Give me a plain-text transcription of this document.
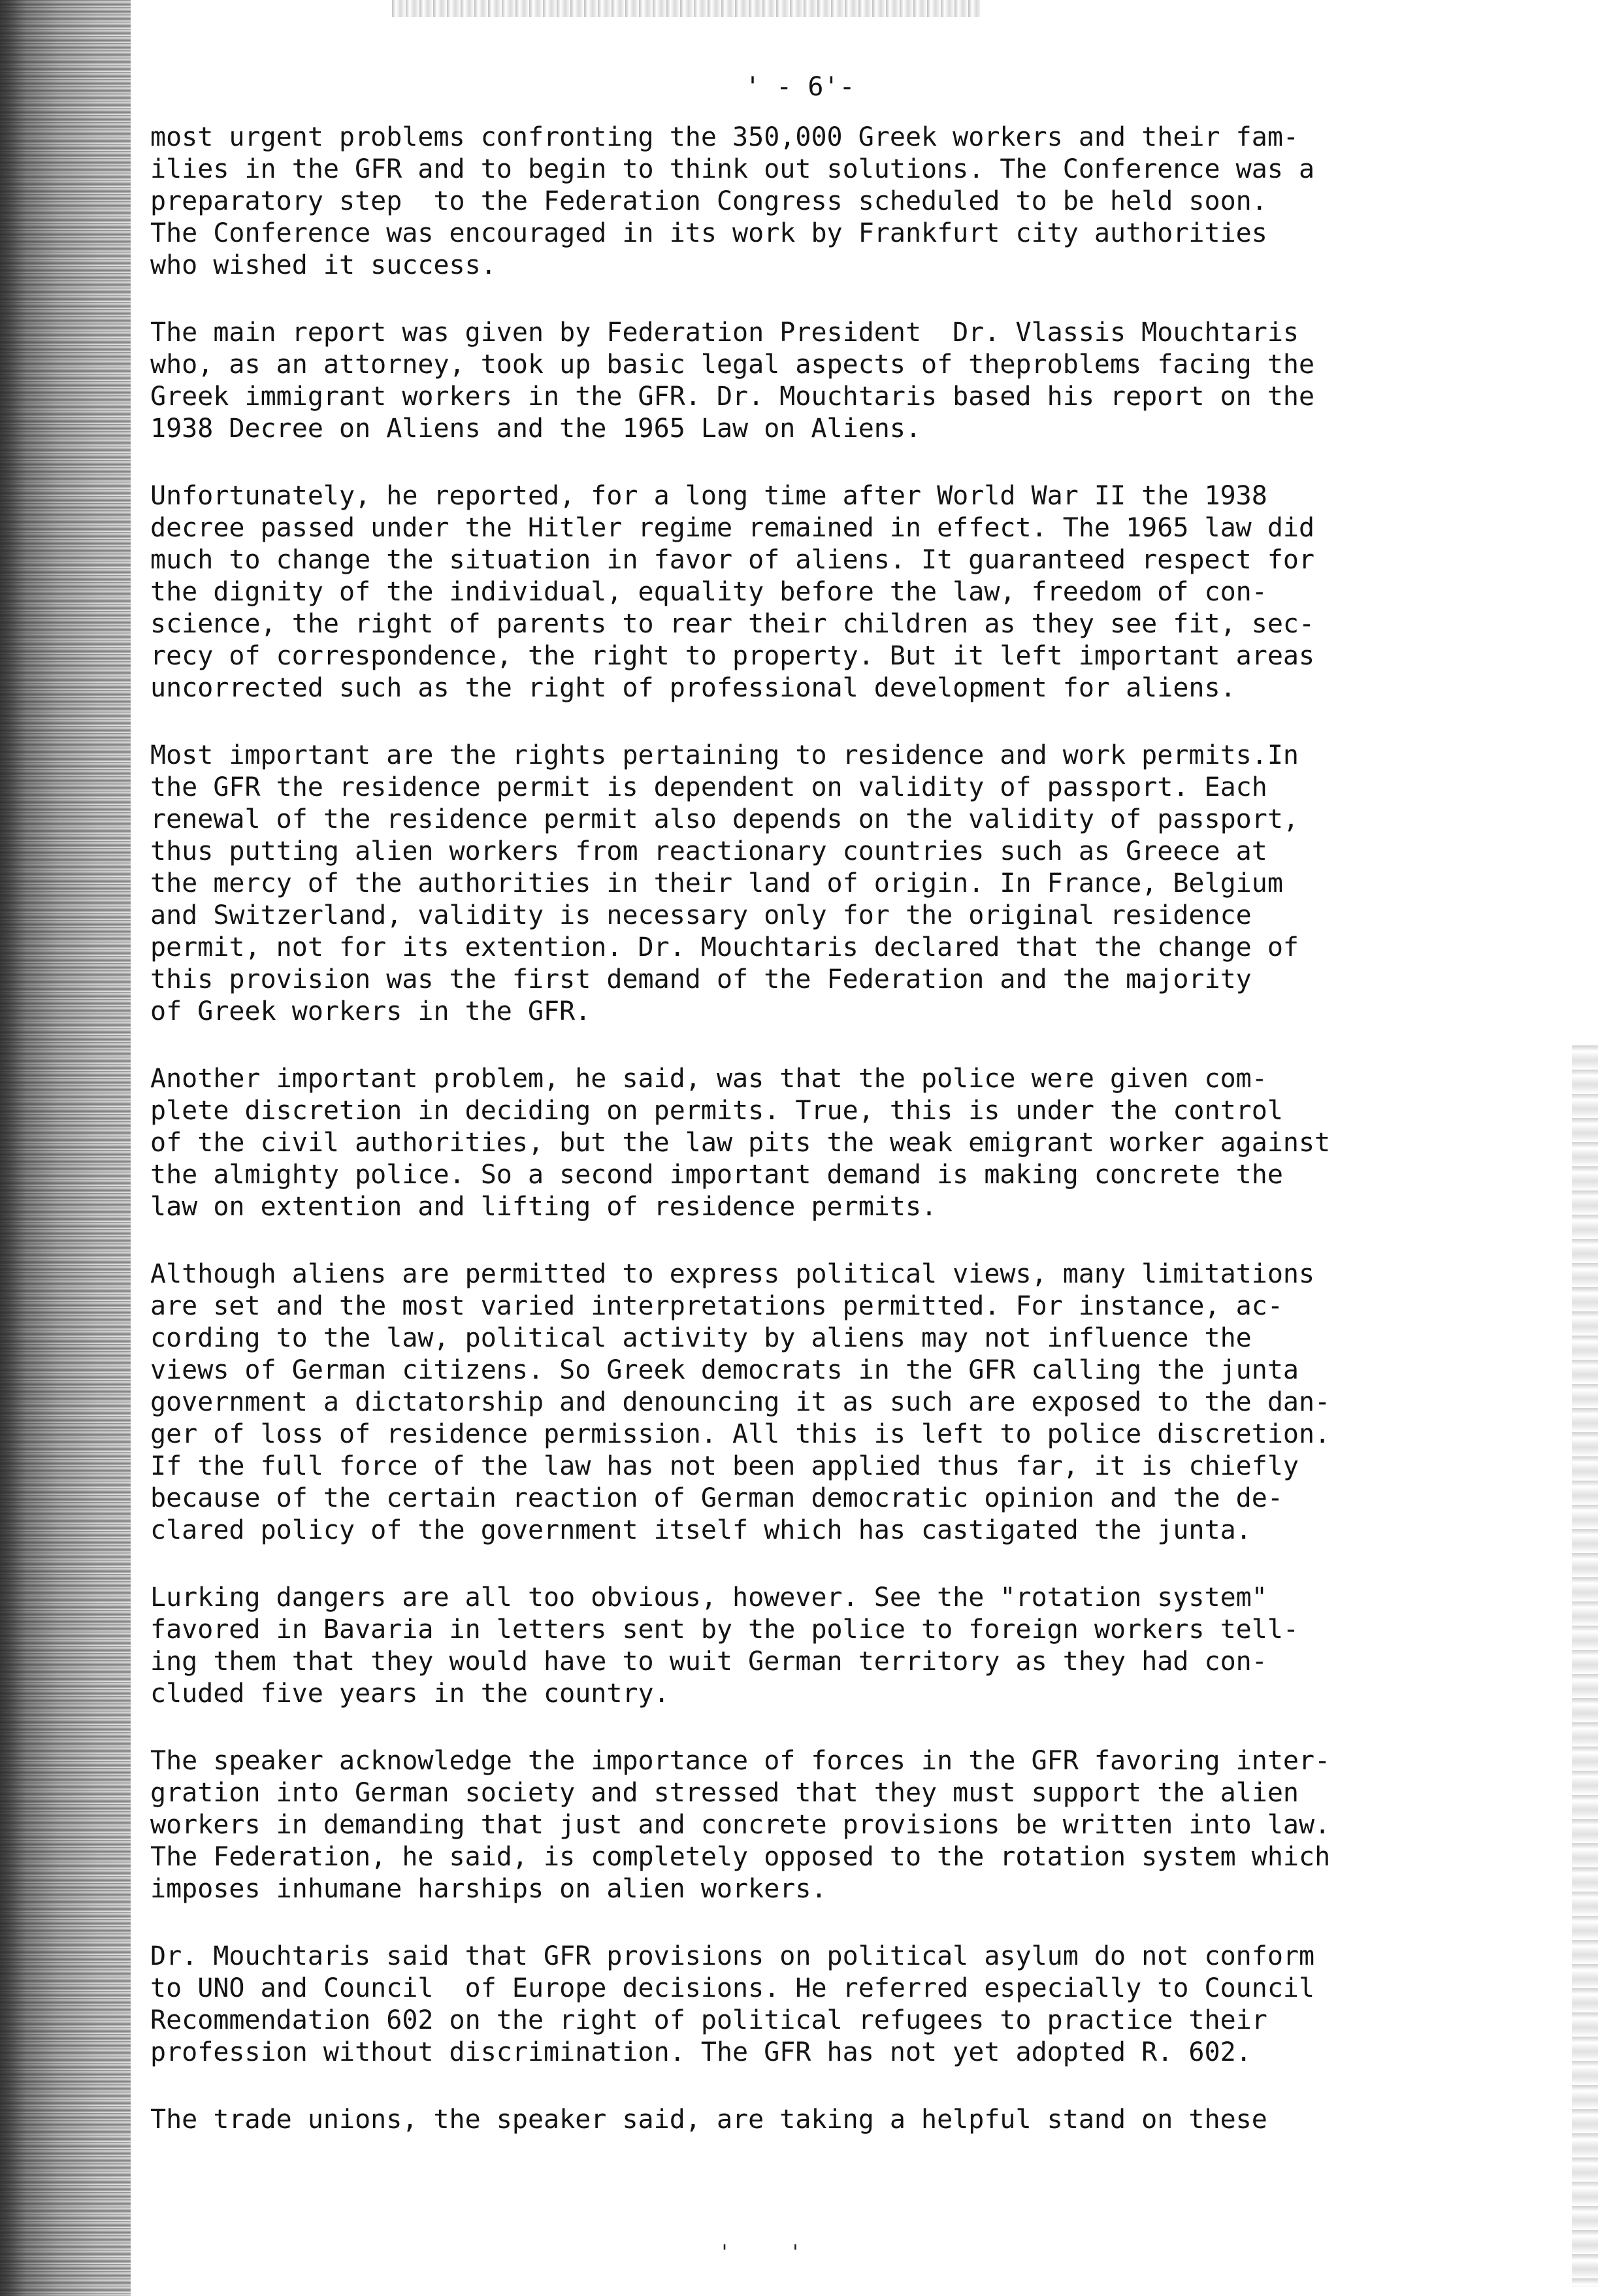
' - 6'-
most urgent problems confronting the 350,000 Greek workers and their fam-
ilies in the GFR and to begin to think out solutions. The Conference was a
preparatory step  to the Federation Congress scheduled to be held soon.
The Conference was encouraged in its work by Frankfurt city authorities
who wished it success.
The main report was given by Federation President  Dr. Vlassis Mouchtaris
who, as an attorney, took up basic legal aspects of theproblems facing the
Greek immigrant workers in the GFR. Dr. Mouchtaris based his report on the
1938 Decree on Aliens and the 1965 Law on Aliens.
Unfortunately, he reported, for a long time after World War II the 1938
decree passed under the Hitler regime remained in effect. The 1965 law did
much to change the situation in favor of aliens. It guaranteed respect for
the dignity of the individual, equality before the law, freedom of con-
science, the right of parents to rear their children as they see fit, sec-
recy of correspondence, the right to property. But it left important areas
uncorrected such as the right of professional development for aliens.
Most important are the rights pertaining to residence and work permits.In
the GFR the residence permit is dependent on validity of passport. Each
renewal of the residence permit also depends on the validity of passport,
thus putting alien workers from reactionary countries such as Greece at
the mercy of the authorities in their land of origin. In France, Belgium
and Switzerland, validity is necessary only for the original residence
permit, not for its extention. Dr. Mouchtaris declared that the change of
this provision was the first demand of the Federation and the majority
of Greek workers in the GFR.
Another important problem, he said, was that the police were given com-
plete discretion in deciding on permits. True, this is under the control
of the civil authorities, but the law pits the weak emigrant worker against
the almighty police. So a second important demand is making concrete the
law on extention and lifting of residence permits.
Although aliens are permitted to express political views, many limitations
are set and the most varied interpretations permitted. For instance, ac-
cording to the law, political activity by aliens may not influence the
views of German citizens. So Greek democrats in the GFR calling the junta
government a dictatorship and denouncing it as such are exposed to the dan-
ger of loss of residence permission. All this is left to police discretion.
If the full force of the law has not been applied thus far, it is chiefly
because of the certain reaction of German democratic opinion and the de-
clared policy of the government itself which has castigated the junta.
Lurking dangers are all too obvious, however. See the "rotation system"
favored in Bavaria in letters sent by the police to foreign workers tell-
ing them that they would have to wuit German territory as they had con-
cluded five years in the country.
The speaker acknowledge the importance of forces in the GFR favoring inter-
gration into German society and stressed that they must support the alien
workers in demanding that just and concrete provisions be written into law.
The Federation, he said, is completely opposed to the rotation system which
imposes inhumane harships on alien workers.
Dr. Mouchtaris said that GFR provisions on political asylum do not conform
to UNO and Council  of Europe decisions. He referred especially to Council
Recommendation 602 on the right of political refugees to practice their
profession without discrimination. The GFR has not yet adopted R. 602.
The trade unions, the speaker said, are taking a helpful stand on these
'     '
